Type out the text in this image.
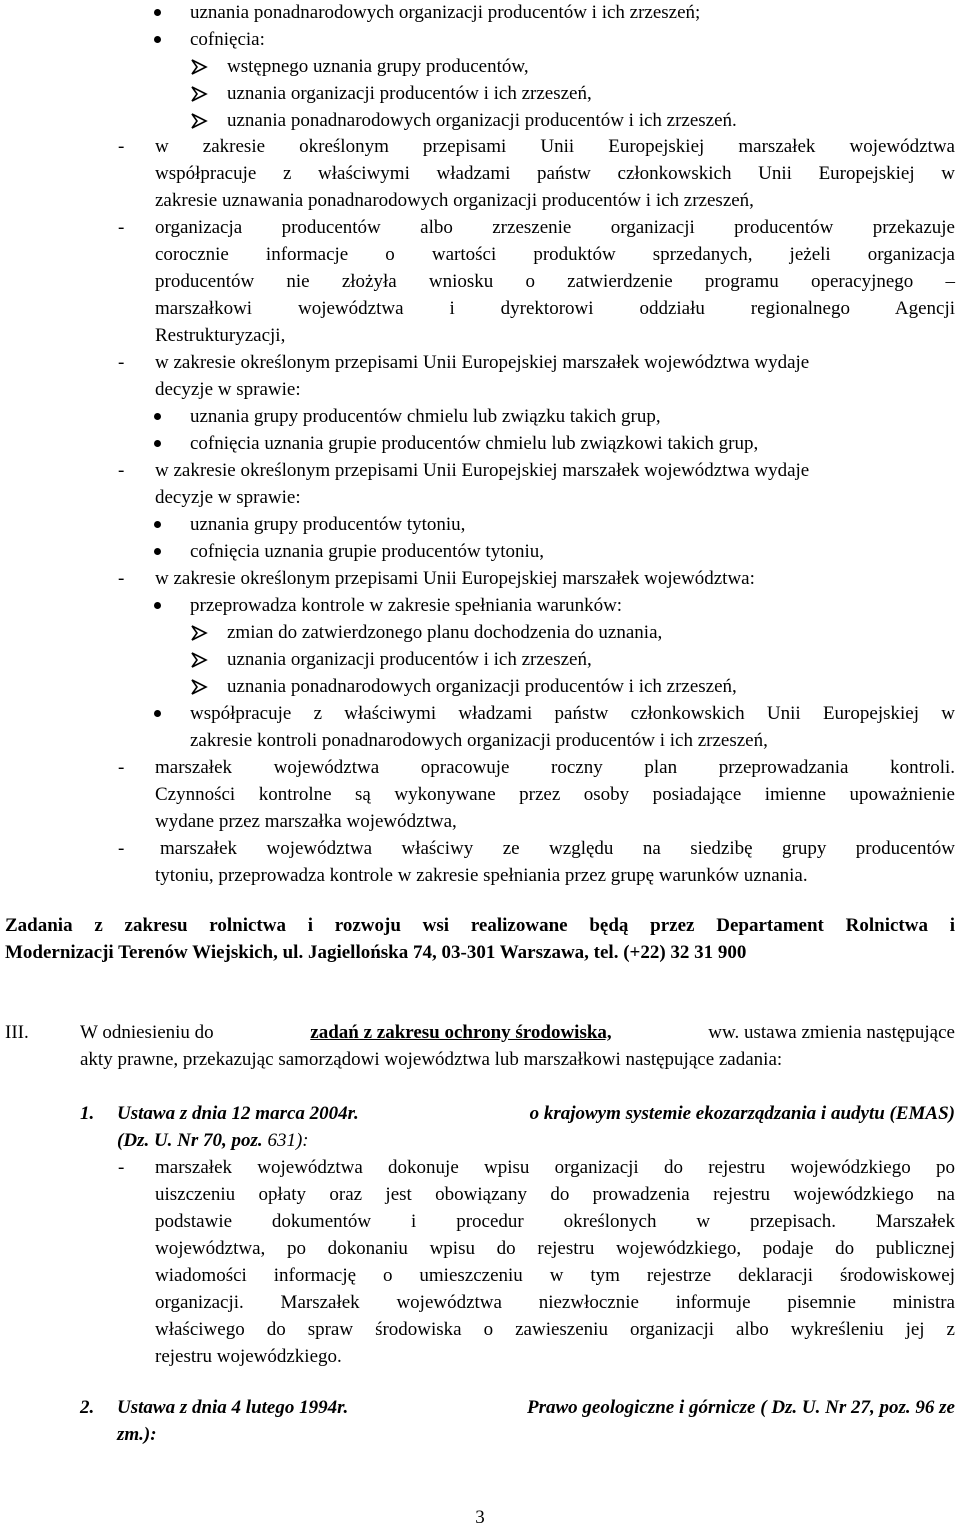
uznania ponadnarodowych organizacji producentów i ich zrzeszeń;
cofnięcia:
wstępnego uznania grupy producentów,
uznania organizacji producentów i ich zrzeszeń,
uznania ponadnarodowych organizacji producentów i ich zrzeszeń.
- w zakresie określonym przepisami Unii Europejskiej marszałek województwa
współpracuje z właściwymi władzami państw członkowskich Unii Europejskiej w
zakresie uznawania ponadnarodowych organizacji producentów i ich zrzeszeń,
- organizacja producentów albo zrzeszenie organizacji producentów przekazuje
corocznie informacje o wartości produktów sprzedanych, jeżeli organizacja
producentów nie złożyła wniosku o zatwierdzenie programu operacyjnego –
marszałkowi województwa i dyrektorowi oddziału regionalnego Agencji
Restrukturyzacji,
- w zakresie określonym przepisami Unii Europejskiej marszałek województwa wydaje
decyzje w sprawie:
uznania grupy producentów chmielu lub związku takich grup,
cofnięcia uznania grupie producentów chmielu lub związkowi takich grup,
- w zakresie określonym przepisami Unii Europejskiej marszałek województwa wydaje
decyzje w sprawie:
uznania grupy producentów tytoniu,
cofnięcia uznania grupie producentów tytoniu,
- w zakresie określonym przepisami Unii Europejskiej marszałek województwa:
przeprowadza kontrole w zakresie spełniania warunków:
zmian do zatwierdzonego planu dochodzenia do uznania,
uznania organizacji producentów i ich zrzeszeń,
uznania ponadnarodowych organizacji producentów i ich zrzeszeń,
współpracuje z właściwymi władzami państw członkowskich Unii Europejskiej w
zakresie kontroli ponadnarodowych organizacji producentów i ich zrzeszeń,
- marszałek województwa opracowuje roczny plan przeprowadzania kontroli.
Czynności kontrolne są wykonywane przez osoby posiadające imienne upoważnienie
wydane przez marszałka województwa,
- marszałek województwa właściwy ze względu na siedzibę grupy producentów
tytoniu, przeprowadza kontrole w zakresie spełniania przez grupę warunków uznania.
Zadania z zakresu rolnictwa i rozwoju wsi realizowane będą przez Departament Rolnictwa i
Modernizacji Terenów Wiejskich, ul. Jagiellońska 74, 03-301 Warszawa, tel. (+22) 32 31 900
III.	W odniesieniu do	zadań z zakresu ochrony środowiska,	ww. ustawa zmienia następujące
akty prawne, przekazując samorządowi województwa lub marszałkowi następujące zadania:
1. Ustawa z dnia 12 marca 2004r.	o krajowym systemie ekozarządzania i audytu (EMAS)
(Dz. U. Nr 70, poz. 631):
- marszałek województwa dokonuje wpisu organizacji do rejestru wojewódzkiego po
uiszczeniu opłaty oraz jest obowiązany do prowadzenia rejestru wojewódzkiego na
podstawie dokumentów i procedur określonych w przepisach. Marszałek
województwa, po dokonaniu wpisu do rejestru wojewódzkiego, podaje do publicznej
wiadomości informację o umieszczeniu w tym rejestrze deklaracji środowiskowej
organizacji. Marszałek województwa niezwłocznie informuje pisemnie ministra
właściwego do spraw środowiska o zawieszeniu organizacji albo wykreśleniu jej z
rejestru wojewódzkiego.
2. Ustawa z dnia 4 lutego 1994r.	Prawo geologiczne i górnicze ( Dz. U. Nr 27, poz. 96 ze
zm.):
3
